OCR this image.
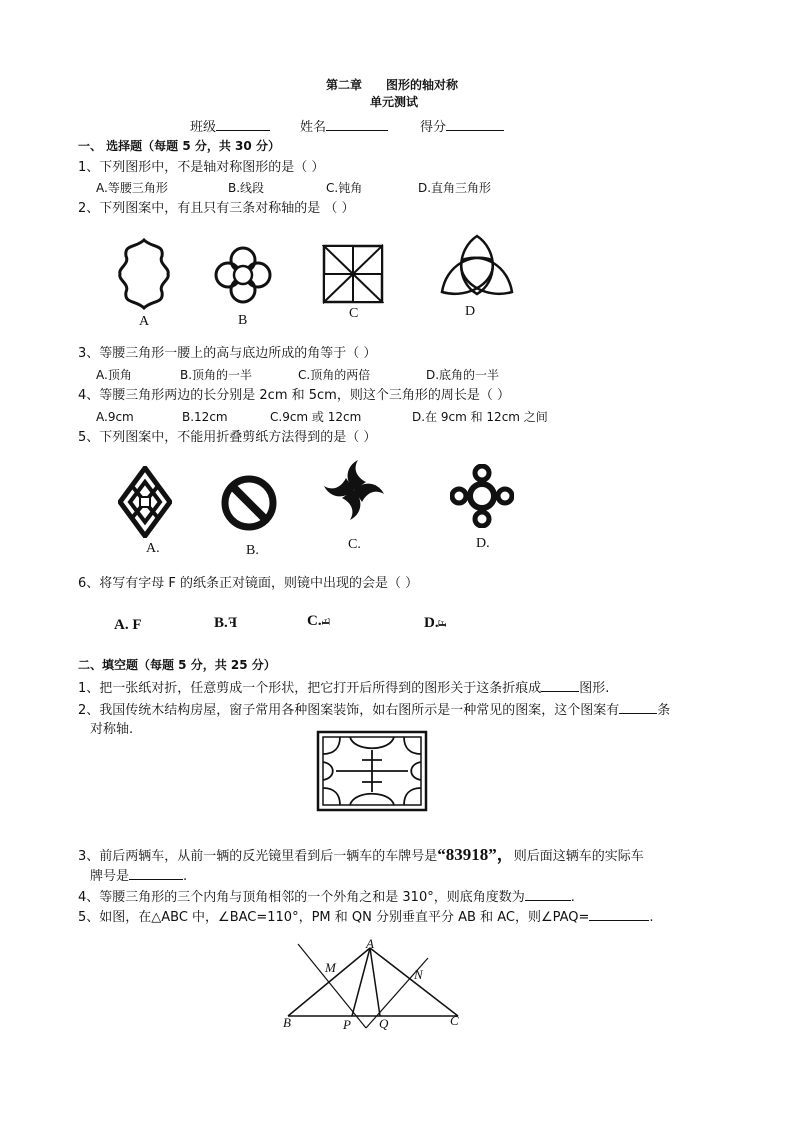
第二章 图形的轴对称
单元测试
班级	姓名	得分
一、 选择题（每题 5 分，共 30 分）
1、下列图形中，不是轴对称图形的是（ ）
A.等腰三角形	B.线段	C.钝角	D.直角三角形
2、下列图案中，有且只有三条对称轴的是 （ ）
A	B	C	D
3、等腰三角形一腰上的高与底边所成的角等于（ ）
A.顶角	B.顶角的一半	C.顶角的两倍	D.底角的一半
4、等腰三角形两边的长分别是 2cm 和 5cm，则这个三角形的周长是（ ）
A.9cm	B.12cm	C.9cm 或 12cm	D.在 9cm 和 12cm 之间
5、下列图案中，不能用折叠剪纸方法得到的是（ ）
A.	B.	C.	D.
6、将写有字母 F 的纸条正对镜面，则镜中出现的会是（ ）
A. F	B.F	C.F	D.F
二、填空题（每题 5 分，共 25 分）
1、把一张纸对折，任意剪成一个形状，把它打开后所得到的图形关于这条折痕成	图形.
2、我国传统木结构房屋，窗子常用各种图案装饰，如右图所示是一种常见的图案，这个图案有	条
对称轴.
3、前后两辆车，从前一辆的反光镜里看到后一辆车的车牌号是“83918”，则后面这辆车的实际车
牌号是	.
4、等腰三角形的三个内角与顶角相邻的一个外角之和是 310°，则底角度数为	.
5、如图，在△ABC 中，∠BAC=110°，PM 和 QN 分别垂直平分 AB 和 AC，则∠PAQ=	.
A
B	C
M	N
P Q
